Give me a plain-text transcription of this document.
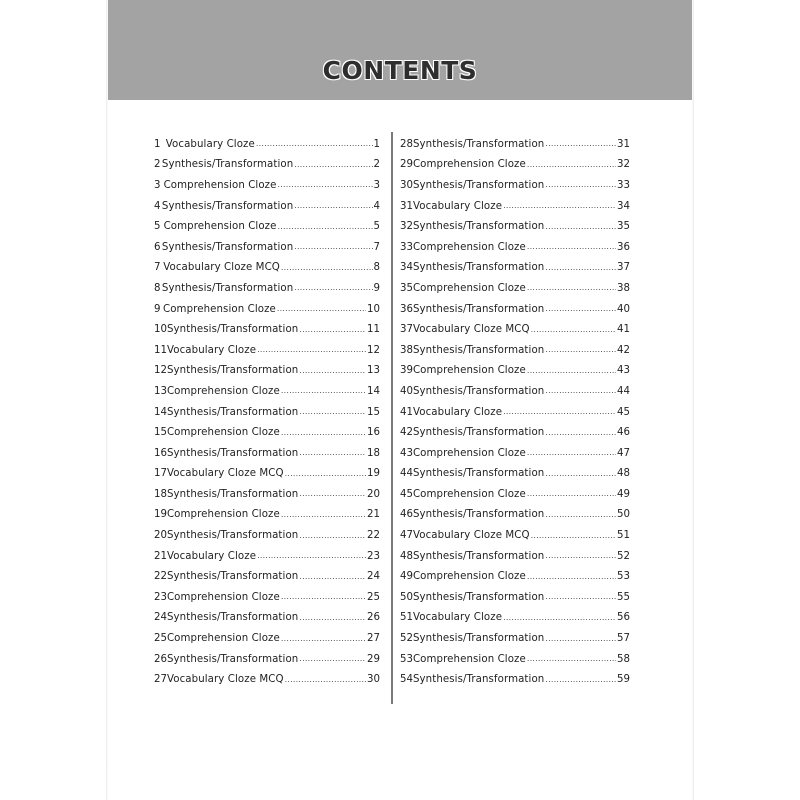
CONTENTS
1 Vocabulary Cloze .....	1
2 Synthesis/Transformation .....	2
3 Comprehension Cloze .....	3
4 Synthesis/Transformation .....	4
5 Comprehension Cloze .....	5
6 Synthesis/Transformation .....	7
7 Vocabulary Cloze MCQ .....	8
8 Synthesis/Transformation .....	9
9 Comprehension Cloze .....	10
10 Synthesis/Transformation .....	11
11 Vocabulary Cloze .....	12
12 Synthesis/Transformation .....	13
13 Comprehension Cloze .....	14
14 Synthesis/Transformation .....	15
15 Comprehension Cloze .....	16
16 Synthesis/Transformation .....	18
17 Vocabulary Cloze MCQ .....	19
18 Synthesis/Transformation .....	20
19 Comprehension Cloze .....	21
20 Synthesis/Transformation .....	22
21 Vocabulary Cloze .....	23
22 Synthesis/Transformation .....	24
23 Comprehension Cloze .....	25
24 Synthesis/Transformation .....	26
25 Comprehension Cloze .....	27
26 Synthesis/Transformation .....	29
27 Vocabulary Cloze MCQ .....	30
28 Synthesis/Transformation .....	31
29 Comprehension Cloze .....	32
30 Synthesis/Transformation .....	33
31 Vocabulary Cloze .....	34
32 Synthesis/Transformation .....	35
33 Comprehension Cloze .....	36
34 Synthesis/Transformation .....	37
35 Comprehension Cloze .....	38
36 Synthesis/Transformation .....	40
37 Vocabulary Cloze MCQ .....	41
38 Synthesis/Transformation .....	42
39 Comprehension Cloze .....	43
40 Synthesis/Transformation .....	44
41 Vocabulary Cloze .....	45
42 Synthesis/Transformation .....	46
43 Comprehension Cloze .....	47
44 Synthesis/Transformation .....	48
45 Comprehension Cloze .....	49
46 Synthesis/Transformation .....	50
47 Vocabulary Cloze MCQ .....	51
48 Synthesis/Transformation .....	52
49 Comprehension Cloze .....	53
50 Synthesis/Transformation .....	55
51 Vocabulary Cloze .....	56
52 Synthesis/Transformation .....	57
53 Comprehension Cloze .....	58
54 Synthesis/Transformation .....	59
